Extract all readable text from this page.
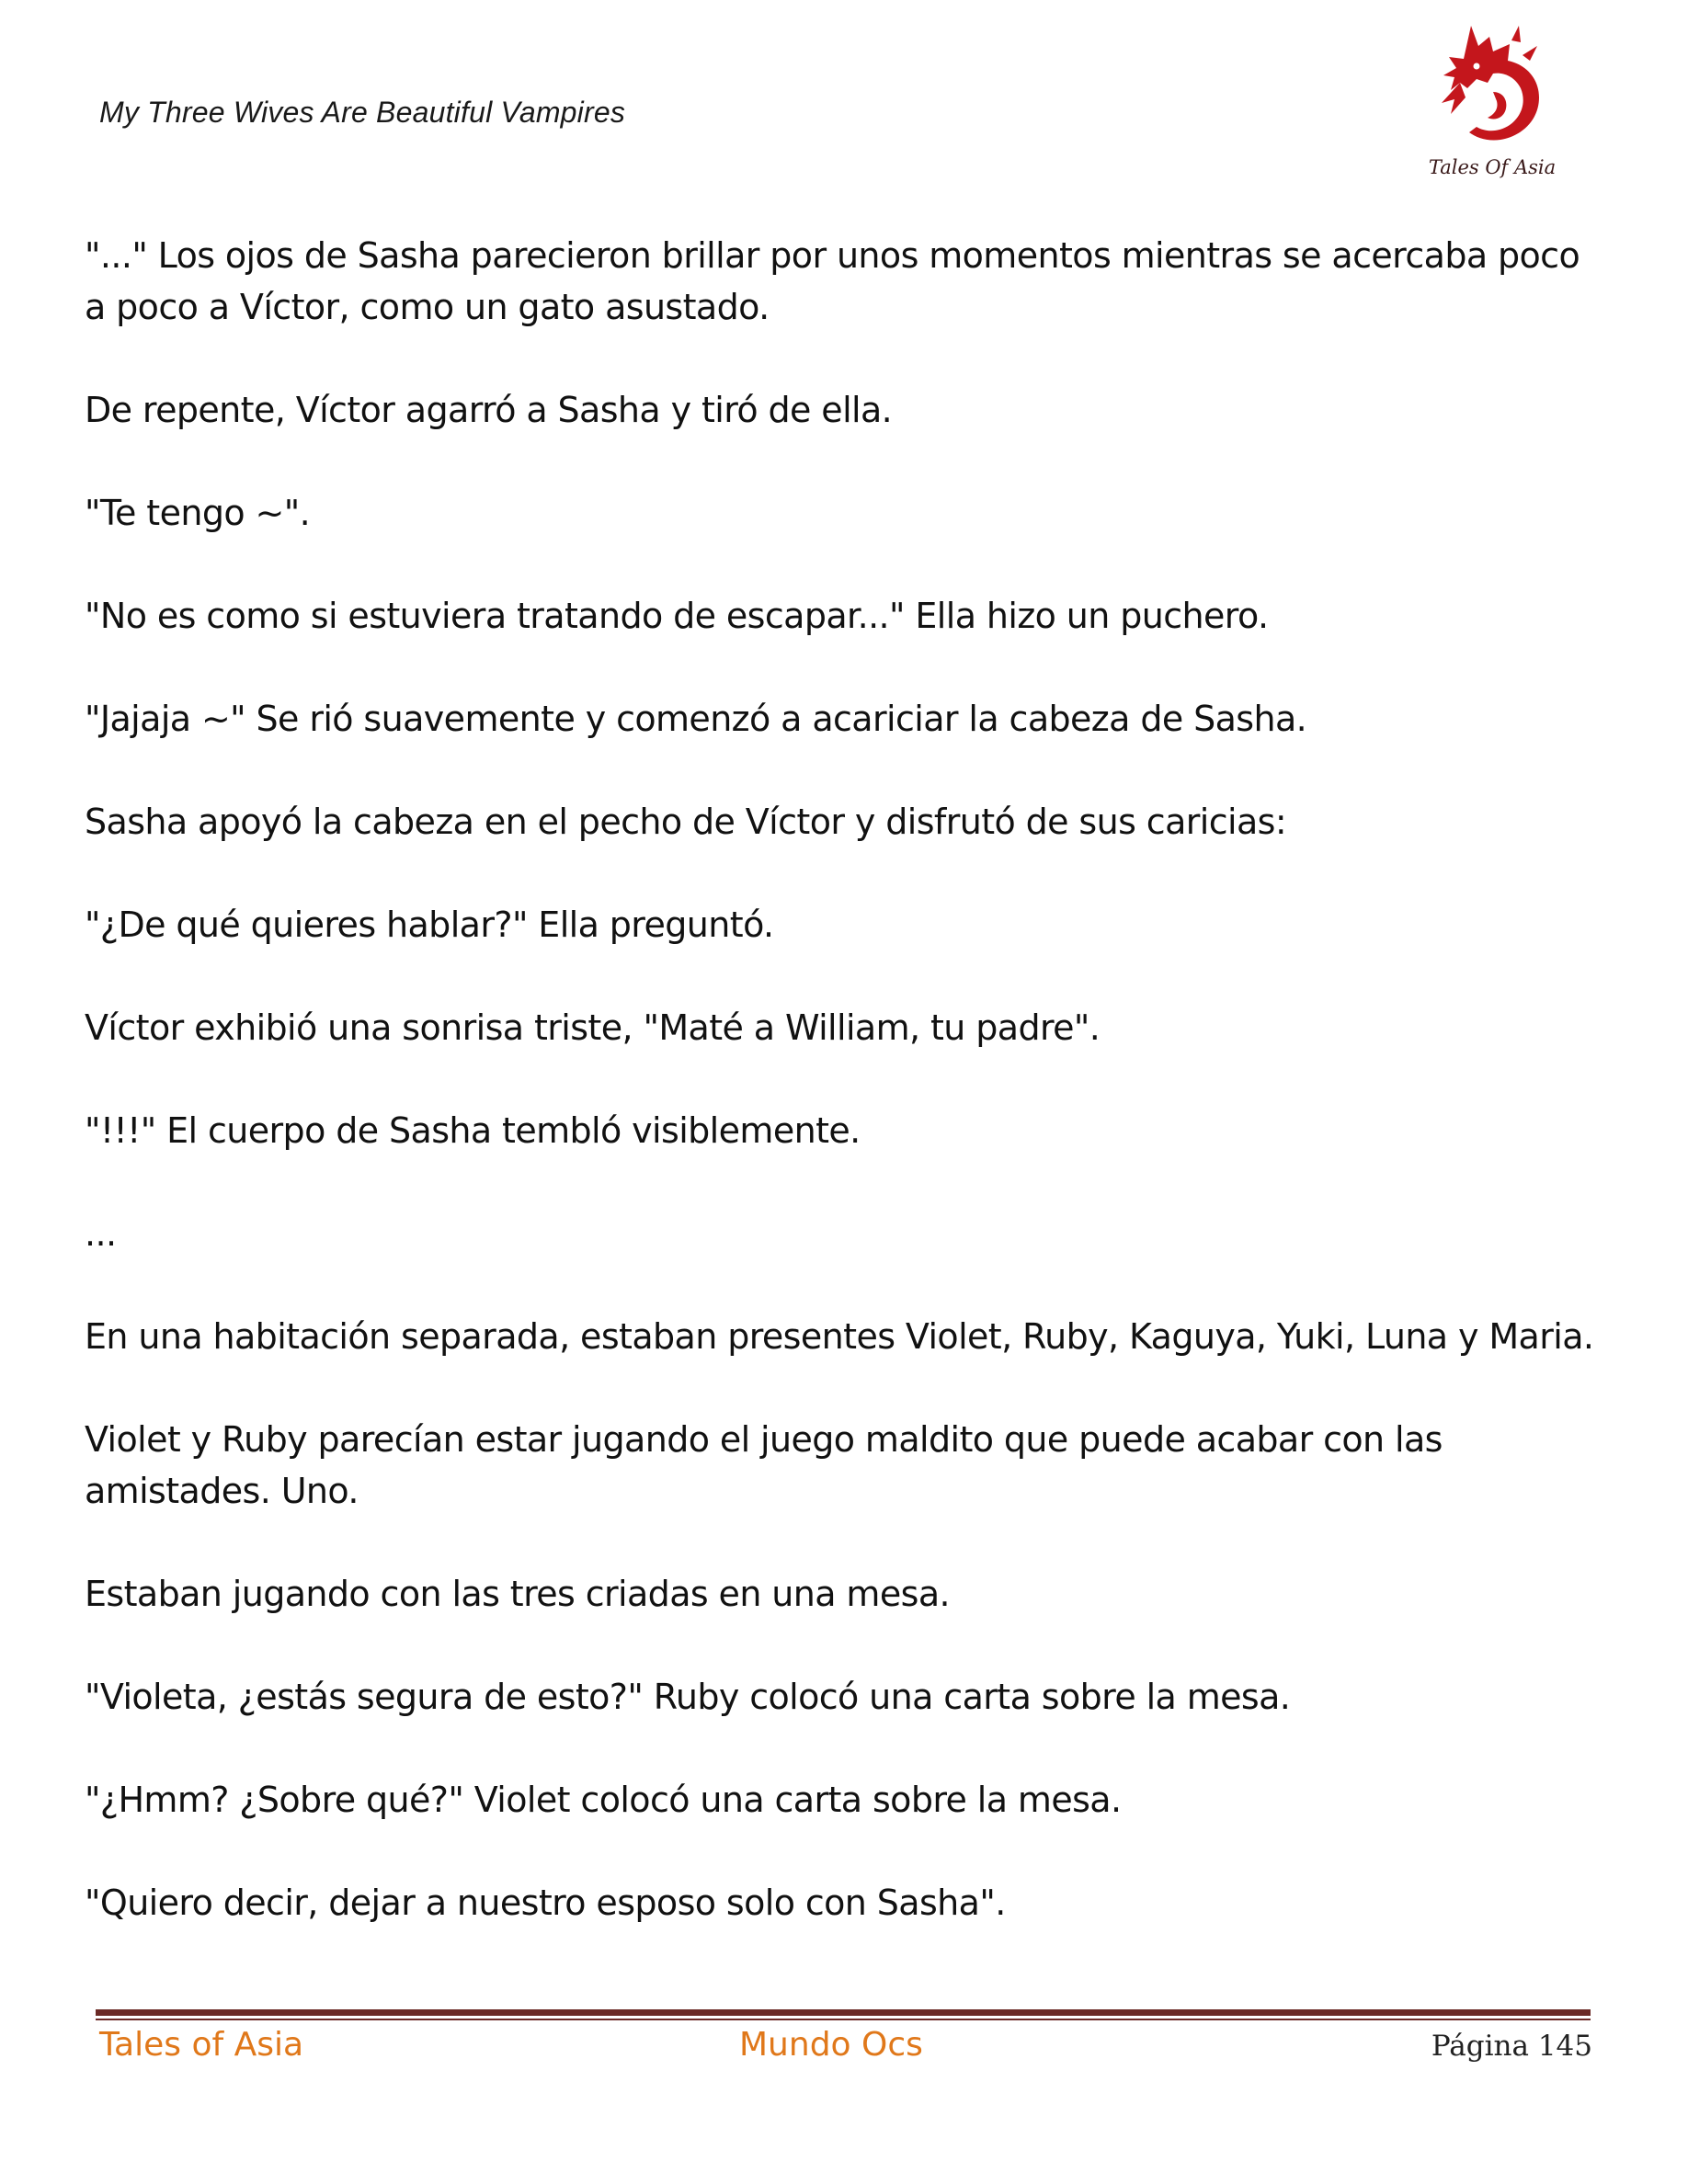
My Three Wives Are Beautiful Vampires
Tales Of Asia

"..." Los ojos de Sasha parecieron brillar por unos momentos mientras se acercaba poco a poco a Víctor, como un gato asustado.

De repente, Víctor agarró a Sasha y tiró de ella.

"Te tengo ~".

"No es como si estuviera tratando de escapar..." Ella hizo un puchero.

"Jajaja ~" Se rió suavemente y comenzó a acariciar la cabeza de Sasha.

Sasha apoyó la cabeza en el pecho de Víctor y disfrutó de sus caricias:

"¿De qué quieres hablar?" Ella preguntó.

Víctor exhibió una sonrisa triste, "Maté a William, tu padre".

"!!!" El cuerpo de Sasha tembló visiblemente.

...

En una habitación separada, estaban presentes Violet, Ruby, Kaguya, Yuki, Luna y Maria.

Violet y Ruby parecían estar jugando el juego maldito que puede acabar con las amistades. Uno.

Estaban jugando con las tres criadas en una mesa.

"Violeta, ¿estás segura de esto?" Ruby colocó una carta sobre la mesa.

"¿Hmm? ¿Sobre qué?" Violet colocó una carta sobre la mesa.

"Quiero decir, dejar a nuestro esposo solo con Sasha".

Tales of Asia	Mundo Ocs	Página 145
